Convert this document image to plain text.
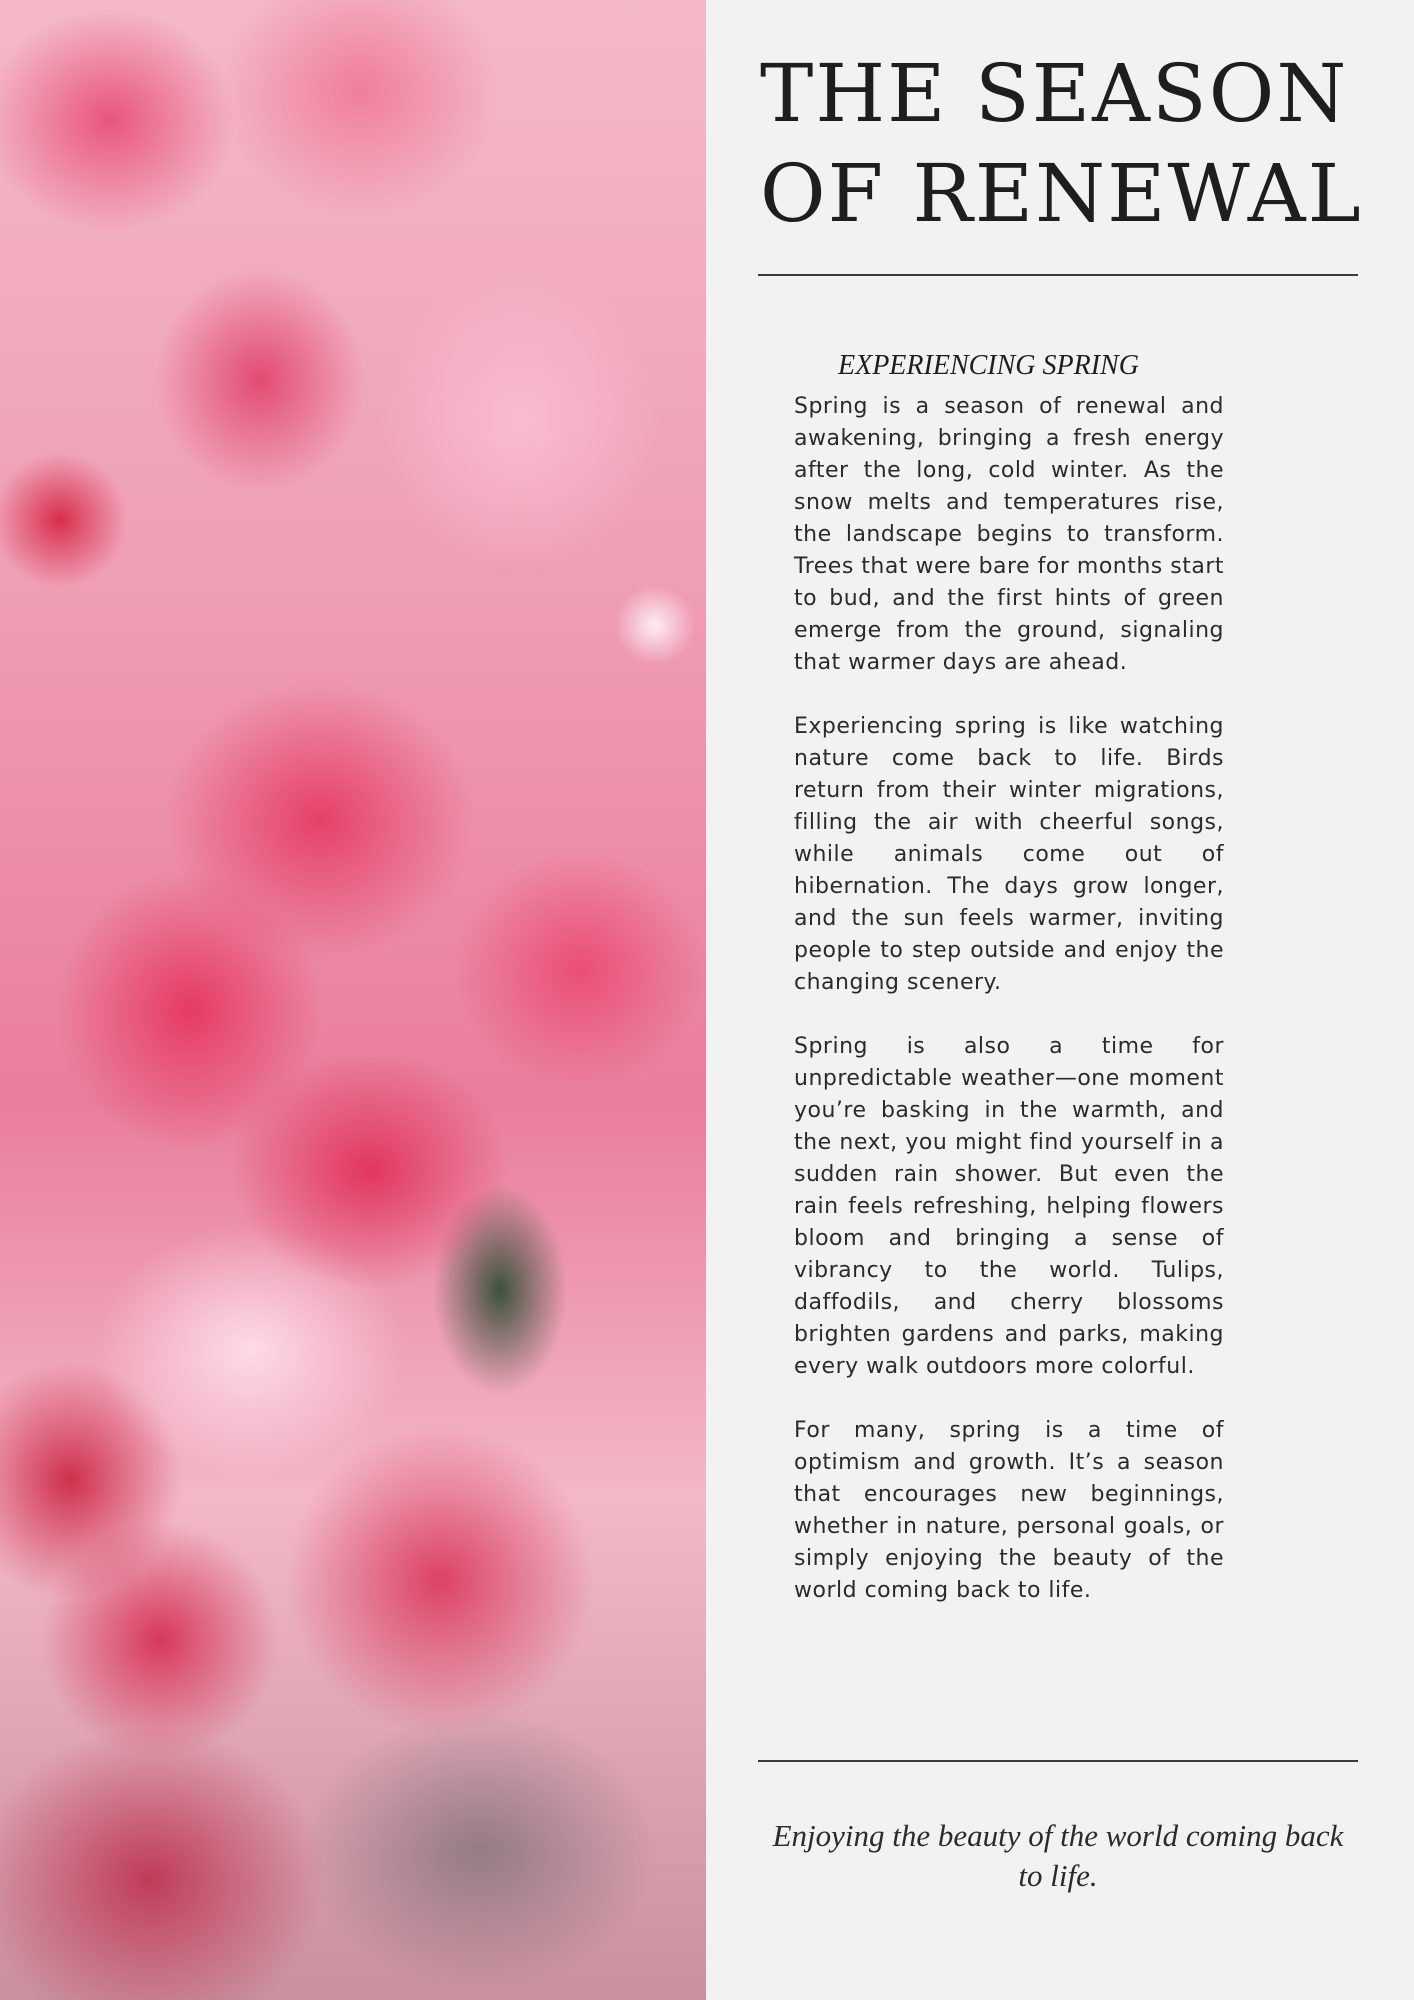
THE SEASON OF RENEWAL
EXPERIENCING SPRING

Spring is a season of renewal and awakening, bringing a fresh energy after the long, cold winter. As the snow melts and temperatures rise, the landscape begins to transform. Trees that were bare for months start to bud, and the first hints of green emerge from the ground, signaling that warmer days are ahead.

Experiencing spring is like watching nature come back to life. Birds return from their winter migrations, filling the air with cheerful songs, while animals come out of hibernation. The days grow longer, and the sun feels warmer, inviting people to step outside and enjoy the changing scenery.

Spring is also a time for unpredictable weather—one moment you’re basking in the warmth, and the next, you might find yourself in a sudden rain shower. But even the rain feels refreshing, helping flowers bloom and bringing a sense of vibrancy to the world. Tulips, daffodils, and cherry blossoms brighten gardens and parks, making every walk outdoors more colorful.

For many, spring is a time of optimism and growth. It’s a season that encourages new beginnings, whether in nature, personal goals, or simply enjoying the beauty of the world coming back to life.

Enjoying the beauty of the world coming back to life.
